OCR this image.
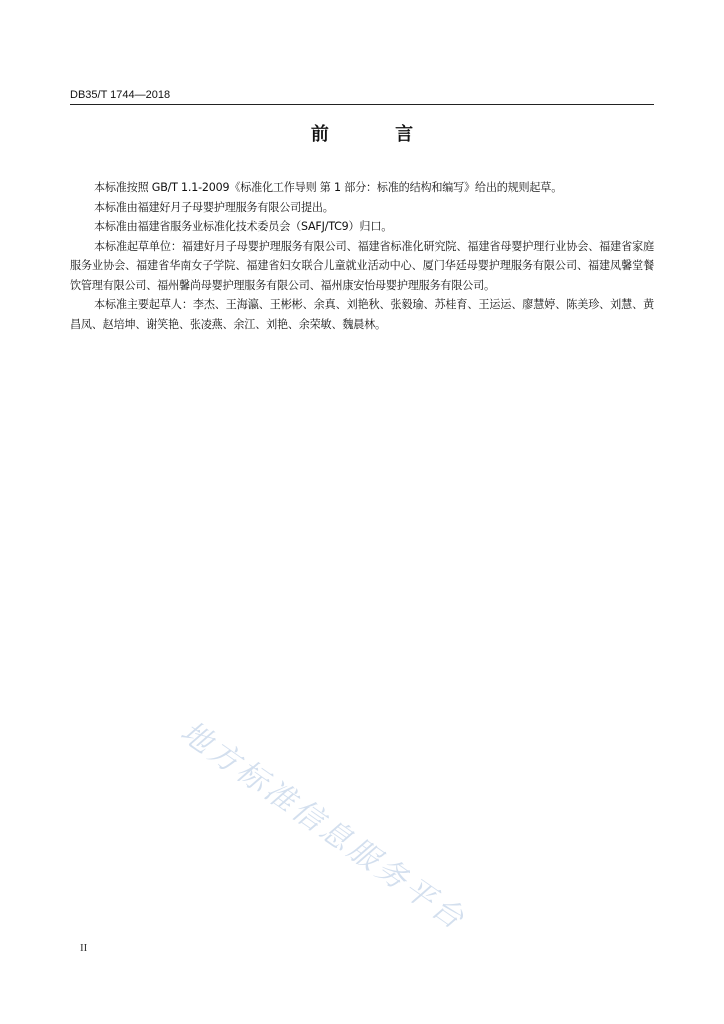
DB35/T 1744—2018
前 言

本标准按照 GB/T 1.1-2009《标准化工作导则 第 1 部分：标准的结构和编写》给出的规则起草。

本标准由福建好月子母婴护理服务有限公司提出。

本标准由福建省服务业标准化技术委员会（SAFJ/TC9）归口。

本标准起草单位：福建好月子母婴护理服务有限公司、福建省标准化研究院、福建省母婴护理行业协会、福建省家庭服务业协会、福建省华南女子学院、福建省妇女联合儿童就业活动中心、厦门华廷母婴护理服务有限公司、福建凤馨堂餐饮管理有限公司、福州馨尚母婴护理服务有限公司、福州康安怡母婴护理服务有限公司。

本标准主要起草人：李杰、王海瀛、王彬彬、余真、刘艳秋、张毅瑜、苏桂育、王运运、廖慧婷、陈美珍、刘慧、黄昌凤、赵培坤、谢笑艳、张凌燕、余江、刘艳、余荣敏、魏晨林。

地方标准信息服务平台
II
